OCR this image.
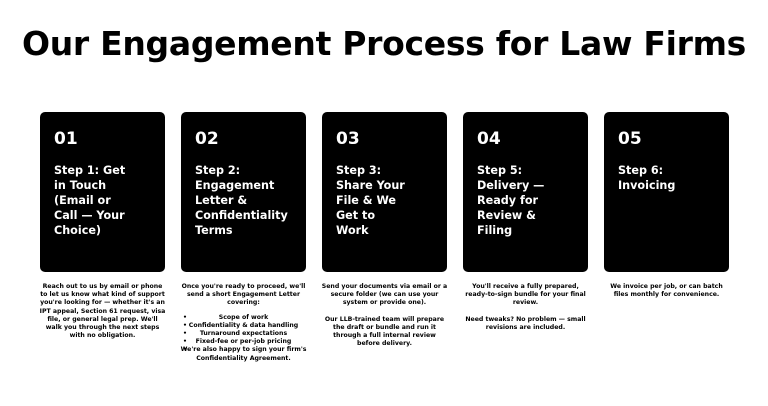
Our Engagement Process for Law Firms
01
Step 1: Get
in Touch
(Email or
Call — Your
Choice)

Reach out to us by email or phone to let us know what kind of support you're looking for — whether it's an IPT appeal, Section 61 request, visa file, or general legal prep. We'll walk you through the next steps with no obligation.

02
Step 2:
Engagement
Letter &
Confidentiality
Terms

Once you're ready to proceed, we'll send a short Engagement Letter covering:

• Scope of work
• Confidentiality & data handling
• Turnaround expectations
• Fixed-fee or per-job pricing
• We're also happy to sign your firm's Confidentiality Agreement.
03
Step 3:
Share Your
File & We
Get to
Work

Send your documents via email or a secure folder (we can use your system or provide one).

Our LLB-trained team will prepare the draft or bundle and run it through a full internal review before delivery.

04
Step 5:
Delivery —
Ready for
Review &
Filing

You'll receive a fully prepared, ready-to-sign bundle for your final review.

Need tweaks? No problem — small revisions are included.

05
Step 6:
Invoicing

We invoice per job, or can batch files monthly for convenience.
